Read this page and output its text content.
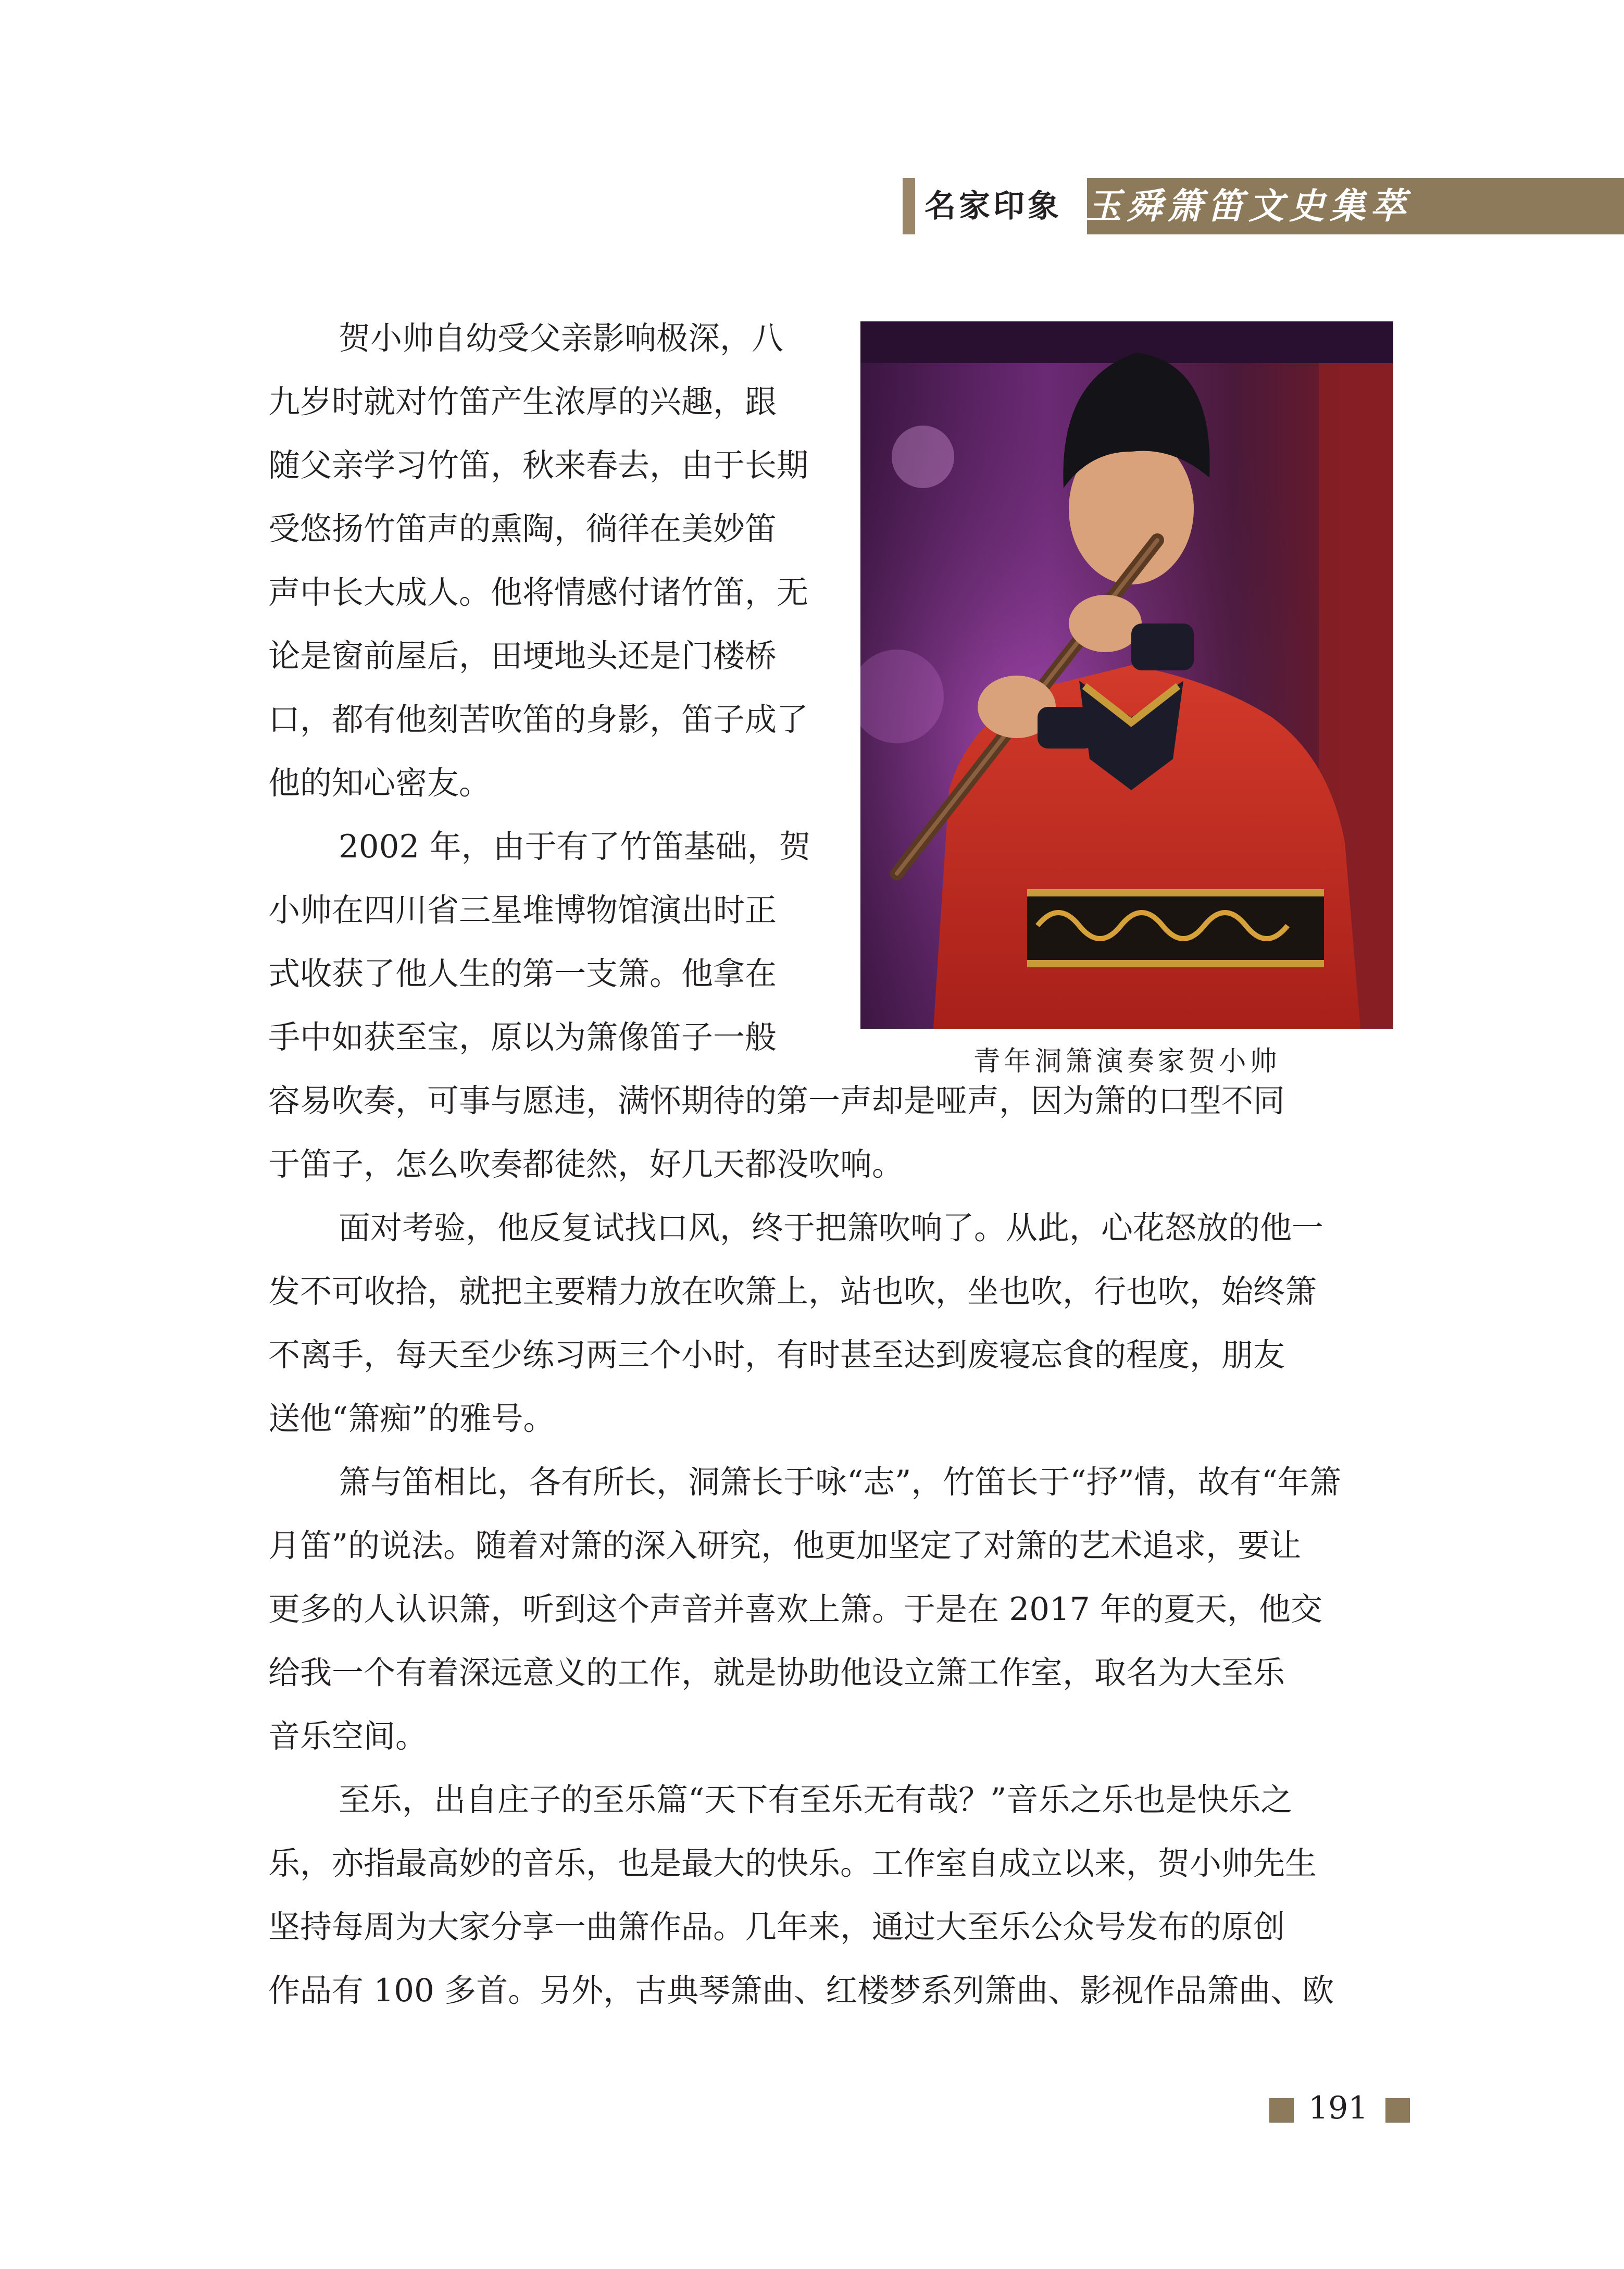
名家印象 玉舜箫笛文史集萃
青年洞箫演奏家贺小帅
贺小帅自幼受父亲影响极深，八
九岁时就对竹笛产生浓厚的兴趣，跟
随父亲学习竹笛，秋来春去，由于长期
受悠扬竹笛声的熏陶，徜徉在美妙笛
声中长大成人。他将情感付诸竹笛，无
论是窗前屋后，田埂地头还是门楼桥
口，都有他刻苦吹笛的身影，笛子成了
他的知心密友。
2002 年，由于有了竹笛基础，贺
小帅在四川省三星堆博物馆演出时正
式收获了他人生的第一支箫。他拿在
手中如获至宝，原以为箫像笛子一般
容易吹奏，可事与愿违，满怀期待的第一声却是哑声，因为箫的口型不同
于笛子，怎么吹奏都徒然，好几天都没吹响。
面对考验，他反复试找口风，终于把箫吹响了。从此，心花怒放的他一
发不可收拾，就把主要精力放在吹箫上，站也吹，坐也吹，行也吹，始终箫
不离手，每天至少练习两三个小时，有时甚至达到废寝忘食的程度，朋友
送他“箫痴”的雅号。
箫与笛相比，各有所长，洞箫长于咏“志”，竹笛长于“抒”情，故有“年箫
月笛”的说法。随着对箫的深入研究，他更加坚定了对箫的艺术追求，要让
更多的人认识箫，听到这个声音并喜欢上箫。于是在 2017 年的夏天，他交
给我一个有着深远意义的工作，就是协助他设立箫工作室，取名为大至乐
音乐空间。
至乐，出自庄子的至乐篇“天下有至乐无有哉？”音乐之乐也是快乐之
乐，亦指最高妙的音乐，也是最大的快乐。工作室自成立以来，贺小帅先生
坚持每周为大家分享一曲箫作品。几年来，通过大至乐公众号发布的原创
作品有 100 多首。另外，古典琴箫曲、红楼梦系列箫曲、影视作品箫曲、欧
191
